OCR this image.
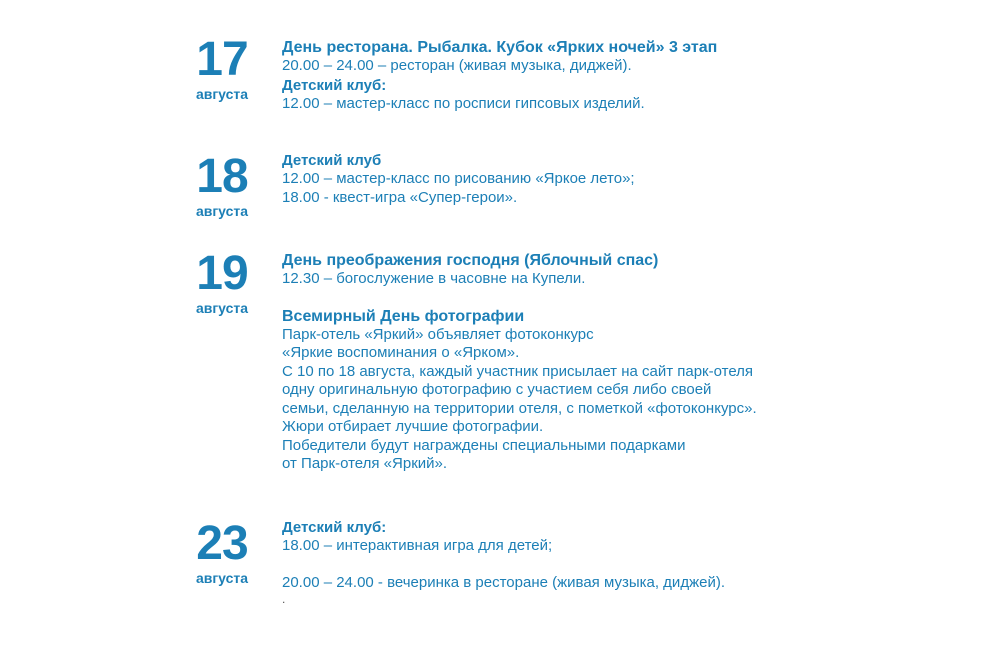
17
августа
День ресторана. Рыбалка. Кубок «Ярких ночей» 3 этап
20.00 – 24.00 – ресторан (живая музыка, диджей).
Детский клуб:
12.00 – мастер-класс по росписи гипсовых изделий.
18
августа
Детский клуб
12.00 – мастер-класс по рисованию «Яркое лето»;
18.00 - квест-игра «Супер-герои».
19
августа
День преображения господня (Яблочный спас)
12.30 – богослужение в часовне на Купели.
Всемирный День фотографии
Парк-отель «Яркий» объявляет фотоконкурс
«Яркие воспоминания о «Ярком».
С 10 по 18 августа, каждый участник присылает на сайт парк-отеля
одну оригинальную фотографию с участием себя либо своей
семьи, сделанную на территории отеля, с пометкой «фотоконкурс».
Жюри отбирает лучшие фотографии.
Победители будут награждены специальными подарками
от Парк-отеля «Яркий».
23
августа
Детский клуб:
18.00 – интерактивная игра для детей;
20.00 – 24.00 - вечеринка в ресторане (живая музыка, диджей).
.
